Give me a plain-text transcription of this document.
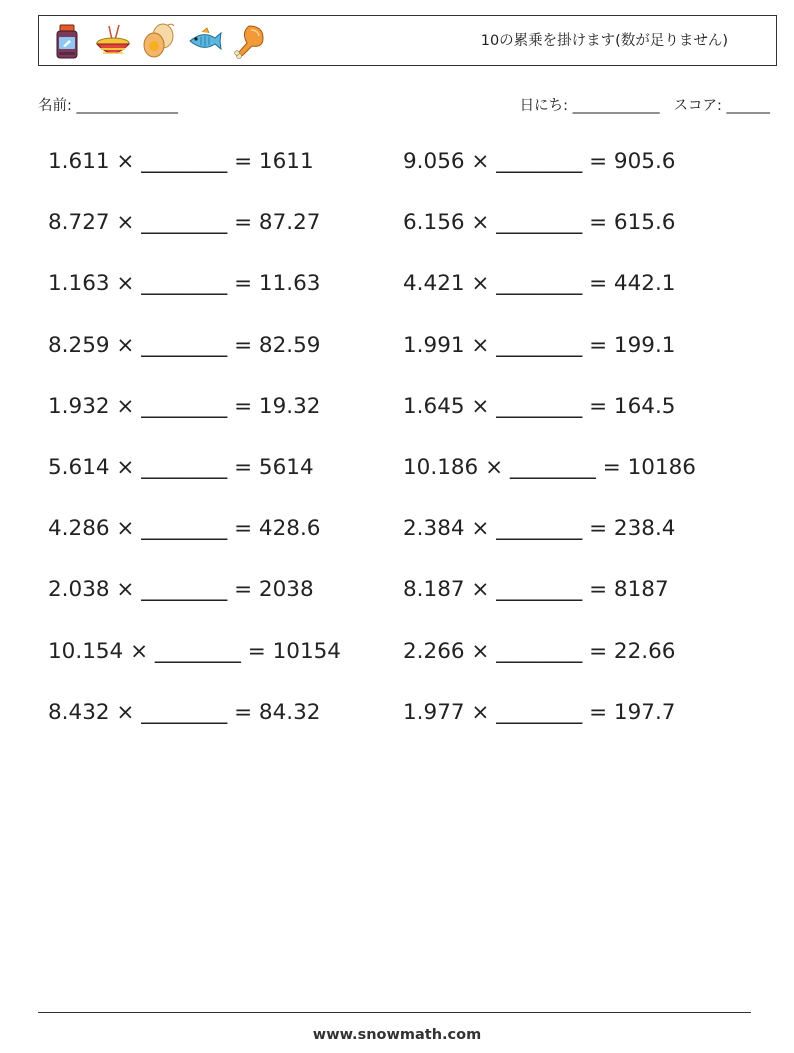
10の累乗を掛けます(数が足りません)
名前: ______________	日にち: ____________ スコア: ______
1.611 × ________ = 1611	9.056 × ________ = 905.6
8.727 × ________ = 87.27	6.156 × ________ = 615.6
1.163 × ________ = 11.63	4.421 × ________ = 442.1
8.259 × ________ = 82.59	1.991 × ________ = 199.1
1.932 × ________ = 19.32	1.645 × ________ = 164.5
5.614 × ________ = 5614	10.186 × ________ = 10186
4.286 × ________ = 428.6	2.384 × ________ = 238.4
2.038 × ________ = 2038	8.187 × ________ = 8187
10.154 × ________ = 10154	2.266 × ________ = 22.66
8.432 × ________ = 84.32	1.977 × ________ = 197.7
www.snowmath.com
